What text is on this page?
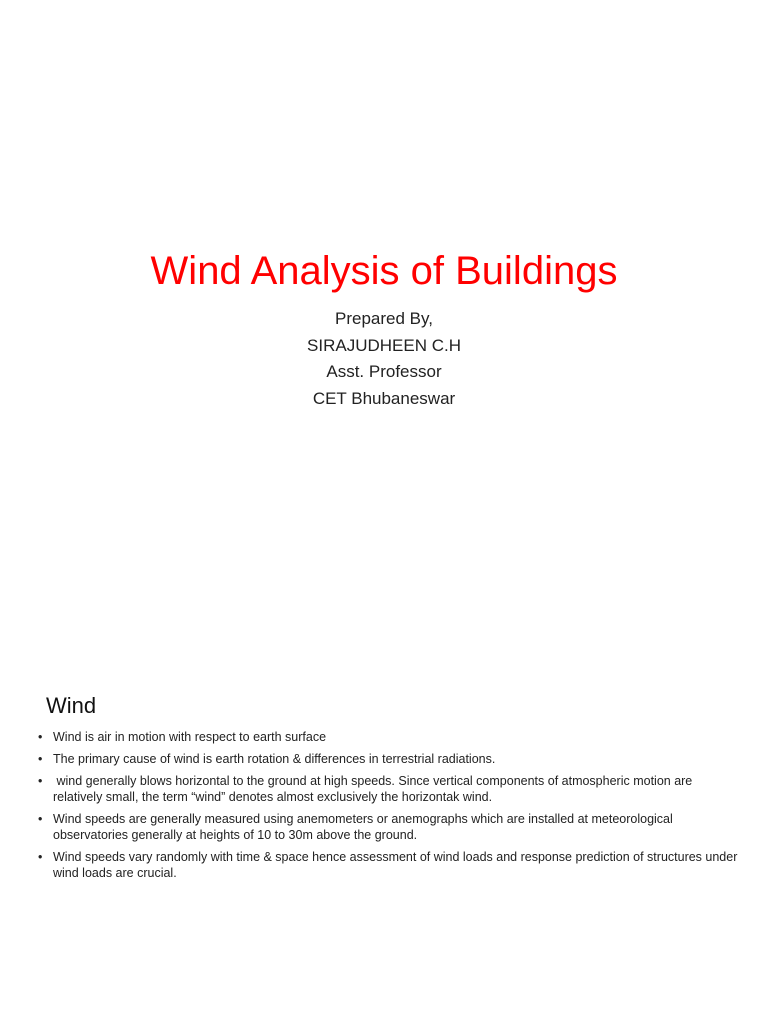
Wind Analysis of Buildings
Prepared By,
SIRAJUDHEEN C.H
Asst. Professor
CET Bhubaneswar
Wind
• Wind is air in motion with respect to earth surface
• The primary cause of wind is earth rotation & differences in terrestrial radiations.
• wind generally blows horizontal to the ground at high speeds. Since vertical components of atmospheric motion are relatively small, the term “wind” denotes almost exclusively the horizontak wind.
• Wind speeds are generally measured using anemometers or anemographs which are installed at meteorological observatories generally at heights of 10 to 30m above the ground.
• Wind speeds vary randomly with time & space hence assessment of wind loads and response prediction of structures under wind loads are crucial.
